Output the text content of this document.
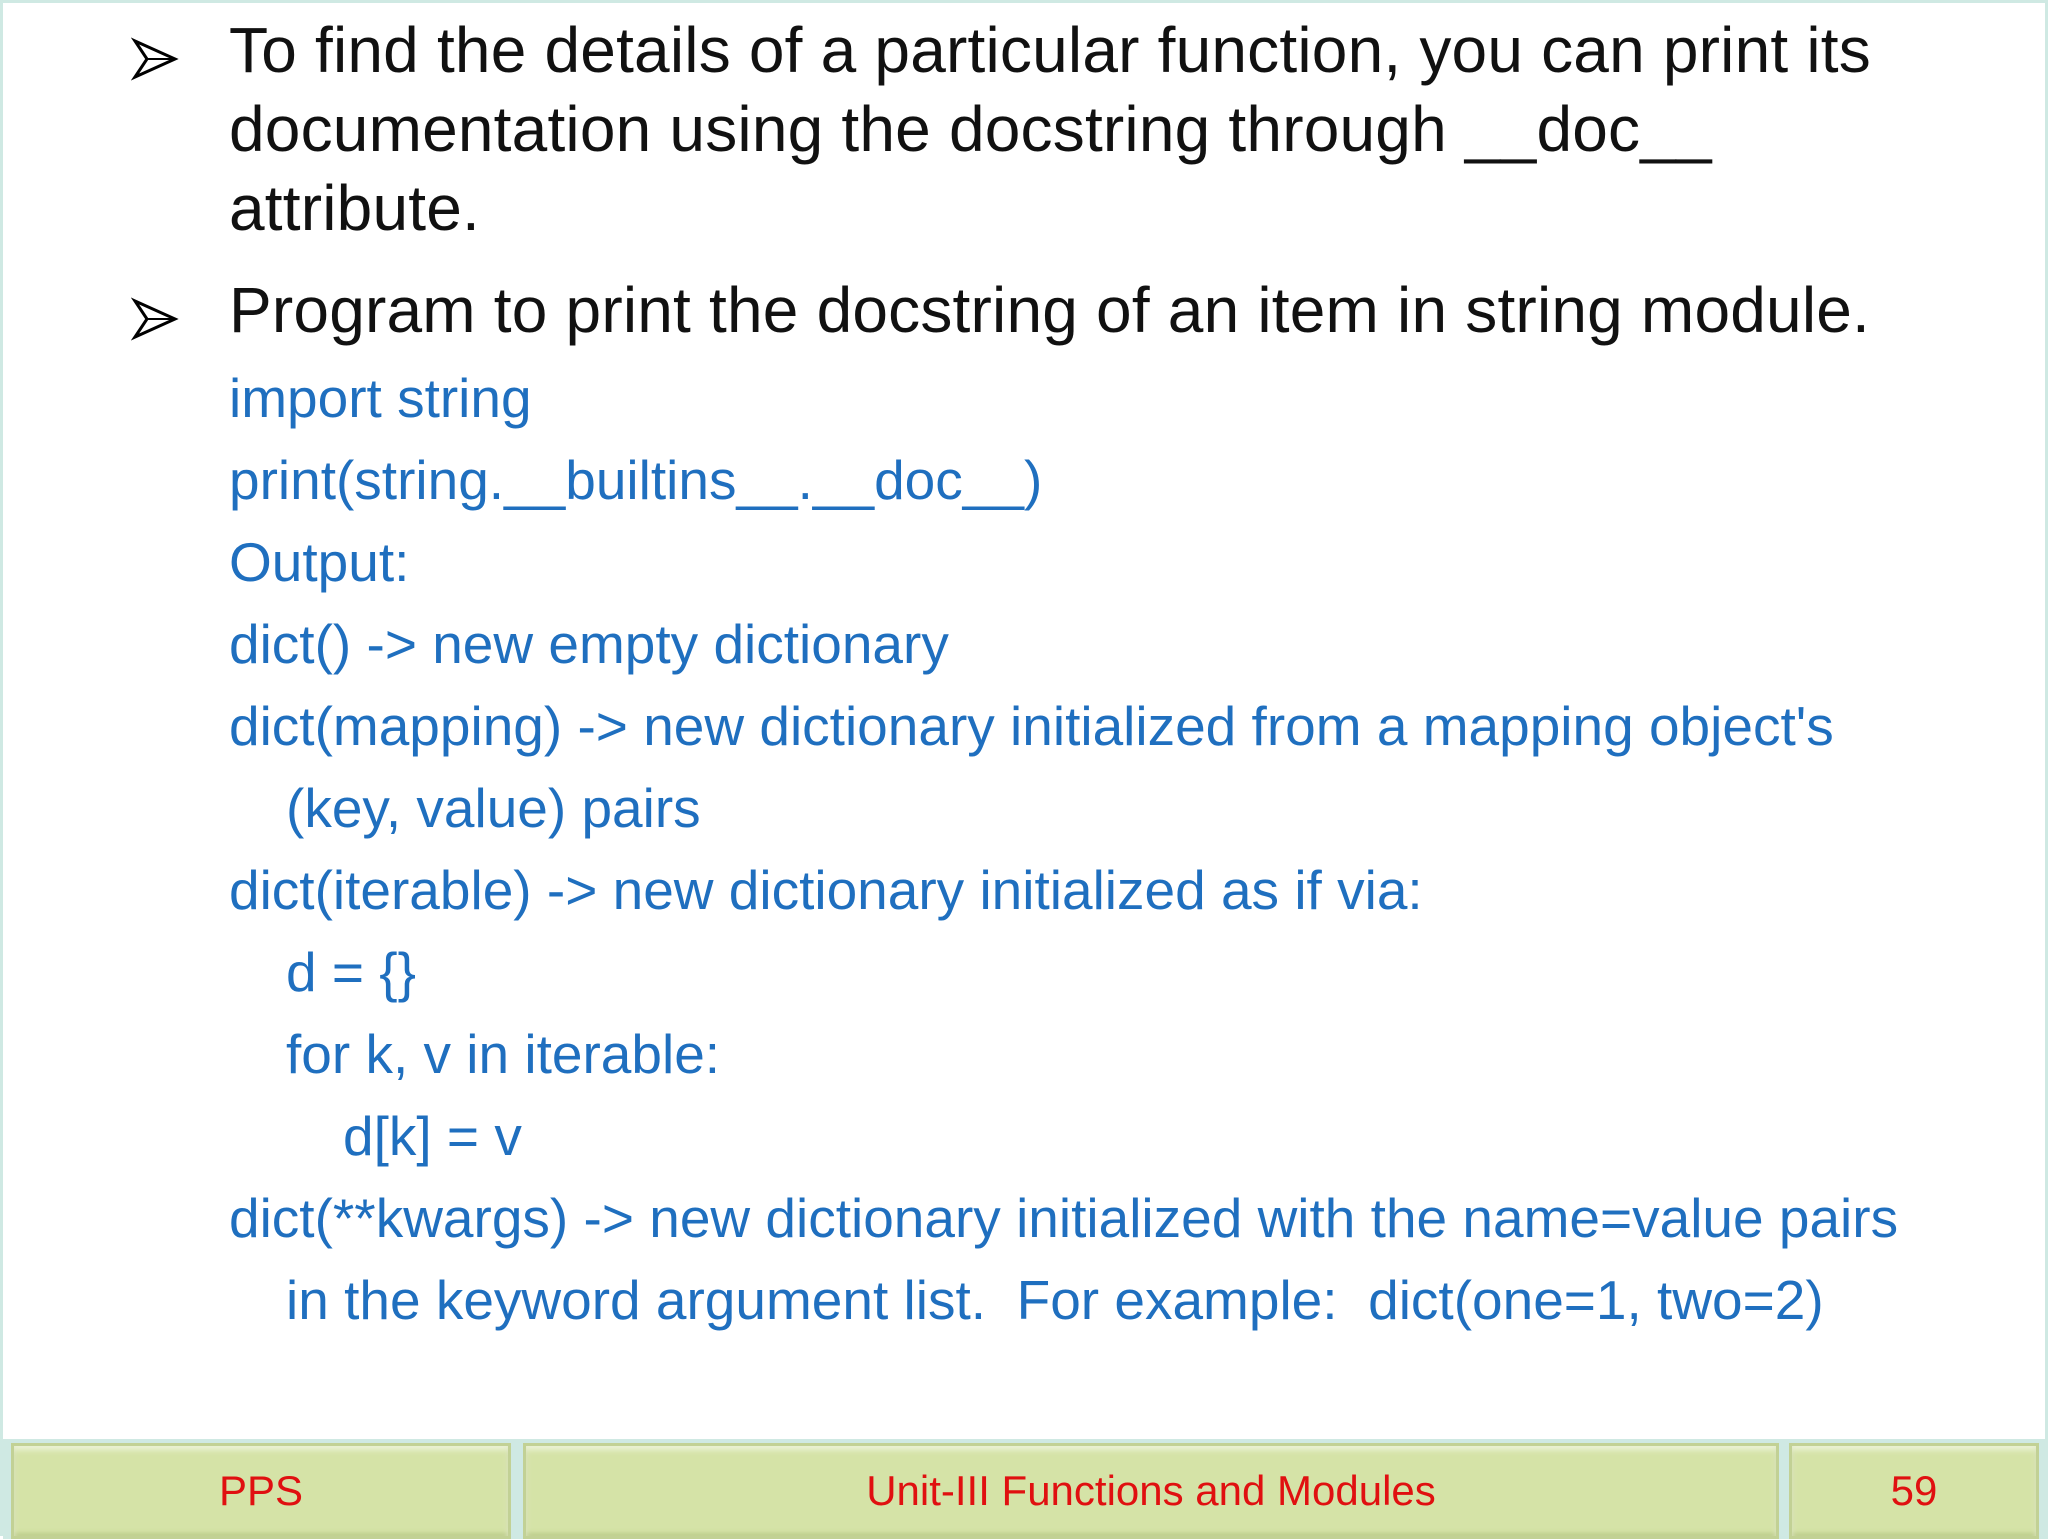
To find the details of a particular function, you can print its
documentation using the docstring through __doc__
attribute.
Program to print the docstring of an item in string module.
import string
print(string.__builtins__.__doc__)
Output:
dict() -> new empty dictionary
dict(mapping) -> new dictionary initialized from a mapping object's
(key, value) pairs
dict(iterable) -> new dictionary initialized as if via:
d = {}
for k, v in iterable:
d[k] = v
dict(**kwargs) -> new dictionary initialized with the name=value pairs
in the keyword argument list.  For example:  dict(one=1, two=2)
PPS	Unit-III Functions and Modules	59
